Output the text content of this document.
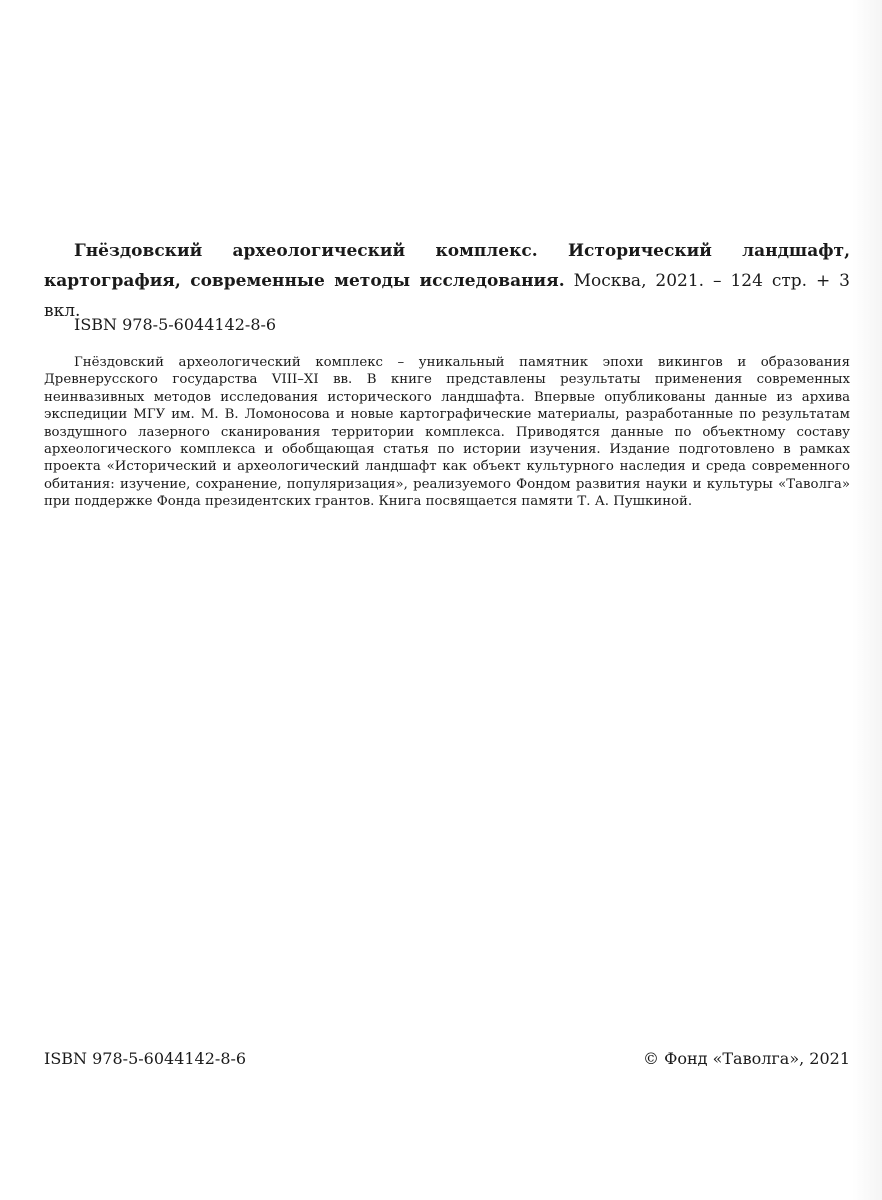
Гнёздовский археологический комплекс. Исторический ландшафт, картография, современные методы исследования. Москва, 2021. – 124 стр. + 3 вкл.

ISBN 978-5-6044142-8-6

Гнёздовский археологический комплекс – уникальный памятник эпохи викингов и образования Древнерусского государства VIII–XI вв. В книге представлены результаты применения современных неинвазивных методов исследования исторического ландшафта. Впервые опубликованы данные из архива экспедиции МГУ им. М. В. Ломоносова и новые картографические материалы, разработанные по результатам воздушного лазерного сканирования территории комплекса. Приводятся данные по объектному составу археологического комплекса и обобщающая статья по истории изучения. Издание подготовлено в рамках проекта «Исторический и археологический ландшафт как объект культурного наследия и среда современного обитания: изучение, сохранение, популяризация», реализуемого Фондом развития науки и культуры «Таволга» при поддержке Фонда президентских грантов. Книга посвящается памяти Т. А. Пушкиной.

ISBN 978-5-6044142-8-6	© Фонд «Таволга», 2021
